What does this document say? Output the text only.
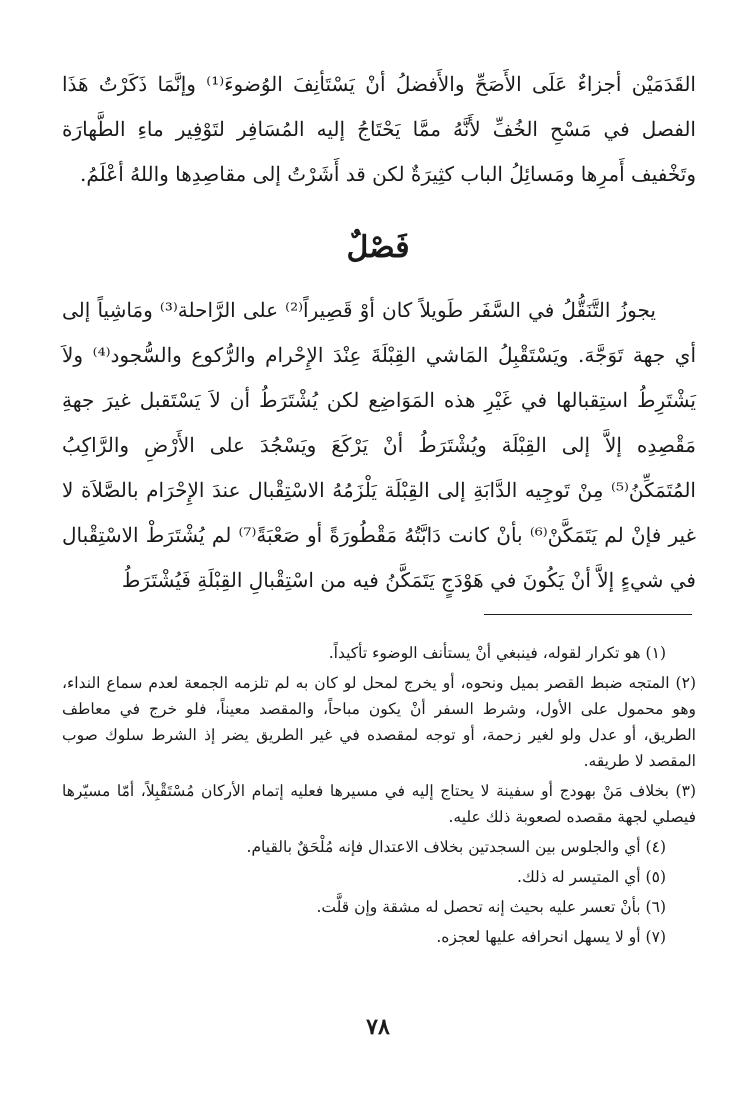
القَدَمَيْن أجزاءٌ عَلَى الأَصَحِّ والأَفضلُ أنْ يَسْتَأنِفَ الوُضوءَ⁽¹⁾ وإنَّمَا ذَكَرْتُ هَذَا الفصل في مَسْحِ الخُفِّ لأَنَّهُ ممَّا يَحْتَاجُ إليه المُسَافِر لتَوْفِير ماءِ الطَّهارَة وتَخْفيف أَمرِها ومَسائِلُ الباب كثِيرَةٌ لكن قد أَشَرْتُ إلى مقاصِدِها واللهُ أعْلَمُ.

فَصْلٌ

يجوزُ التَّنَقُّلُ في السَّفَر طَويلاً كان أوْ قَصِيراً⁽²⁾ على الرَّاحلة⁽³⁾ ومَاشِياً إلى أي جهة تَوَجَّهَ. ويَسْتَقْبِلُ المَاشي القِبْلَةَ عِنْدَ الإِحْرام والرُّكوع والسُّجود⁽⁴⁾ ولاَ يَشْتَرِطُ استِقبالها في غَيْرِ هذه المَوَاضِع لكن يُشْتَرَطُ أن لاَ يَسْتَقبل غيرَ جهةِ مَقْصِدِه إلاَّ إلى القِبْلَة ويُشْتَرَطُ أنْ يَرْكَعَ ويَسْجُدَ على الأَرْضِ والرَّاكِبُ المُتَمَكِّنُ⁽⁵⁾ مِنْ تَوجِيه الدَّابَةِ إلى القِبْلَة يَلْزَمُهُ الاسْتِقْبال عندَ الإِحْرَام بالصَّلاَة لا غير فإنْ لم يَتَمَكَّنْ⁽⁶⁾ بأنْ كانت دَابَّتُهُ مَقْطُورَةً أو صَعْبَةً⁽⁷⁾ لم يُشْتَرَطْ الاسْتِقْبال في شيءٍ إلاَّ أنْ يَكُونَ في هَوْدَجٍ يَتَمَكَّنُ فيه من اسْتِقْبالِ القِبْلَةِ فَيُشْتَرَطُ

(١) هو تكرار لقوله، فينبغي أنْ يستأنف الوضوء تأكيداً.

(٢) المتجه ضبط القصر بميل ونحوه، أو يخرج لمحل لو كان به لم تلزمه الجمعة لعدم سماع النداء، وهو محمول على الأول، وشرط السفر أنْ يكون مباحاً، والمقصد معيناً، فلو خرج في معاطف الطريق، أو عدل ولو لغير زحمة، أو توجه لمقصده في غير الطريق يضر إذ الشرط سلوك صوب المقصد لا طريقه.

(٣) بخلاف مَنْ بهودج أو سفينة لا يحتاج إليه في مسيرها فعليه إتمام الأركان مُسْتَقْبِلاً، أمّا مسيّرها فيصلي لجهة مقصده لصعوبة ذلك عليه.

(٤) أي والجلوس بين السجدتين بخلاف الاعتدال فإنه مُلْحَقٌ بالقيام.

(٥) أي المتيسر له ذلك.

(٦) بأنْ تعسر عليه بحيث إنه تحصل له مشقة وإن قلَّت.

(٧) أو لا يسهل انحرافه عليها لعجزه.

٧٨
